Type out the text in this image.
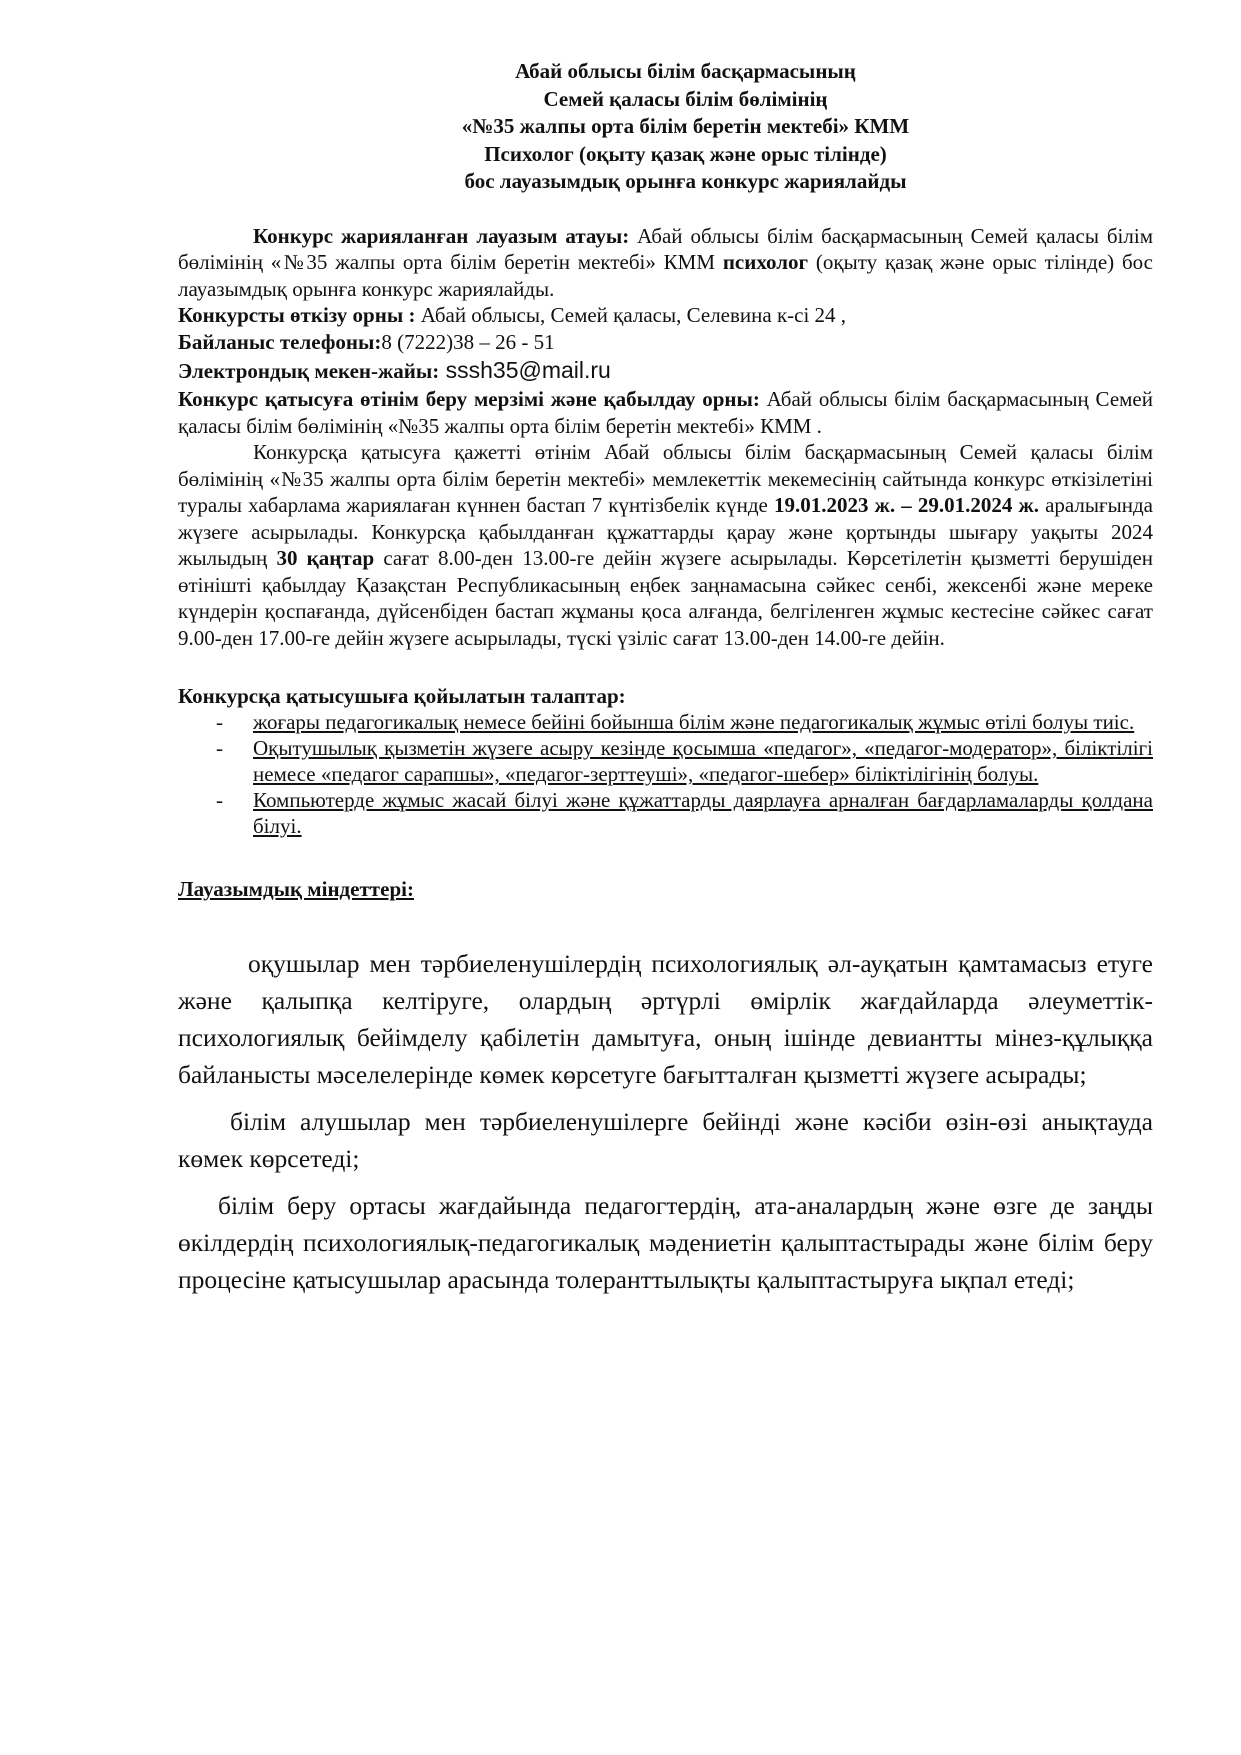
Абай облысы білім басқармасының
Семей қаласы білім бөлімінің
«№35 жалпы орта білім беретін мектебі» КММ
Психолог (оқыту қазақ және орыс тілінде)
бос лауазымдық орынға конкурс жариялайды

Конкурс жарияланған лауазым атауы: Абай облысы білім басқармасының Семей қаласы білім бөлімінің «№35 жалпы орта білім беретін мектебі» КММ психолог (оқыту қазақ және орыс тілінде) бос лауазымдық орынға конкурс жариялайды.

Конкурсты өткізу орны : Абай облысы, Семей қаласы, Селевина к-сі 24 ,

Байланыс телефоны:8 (7222)38 – 26 - 51

Электрондық мекен-жайы: sssh35@mail.ru

Конкурс қатысуға өтінім беру мерзімі және қабылдау орны: Абай облысы білім басқармасының Семей қаласы білім бөлімінің «№35 жалпы орта білім беретін мектебі» КММ .

Конкурсқа қатысуға қажетті өтінім Абай облысы білім басқармасының Семей қаласы білім бөлімінің «№35 жалпы орта білім беретін мектебі» мемлекеттік мекемесінің сайтында конкурс өткізілетіні туралы хабарлама жариялаған күннен бастап 7 күнтізбелік күнде 19.01.2023 ж. – 29.01.2024 ж. аралығында жүзеге асырылады. Конкурсқа қабылданған құжаттарды қарау және қортынды шығару уақыты 2024 жылыдың 30 қаңтар сағат 8.00-ден 13.00-ге дейін жүзеге асырылады. Көрсетілетін қызметті берушіден өтінішті қабылдау Қазақстан Республикасының еңбек заңнамасына сәйкес сенбі, жексенбі және мереке күндерін қоспағанда, дүйсенбіден бастап жұманы қоса алғанда, белгіленген жұмыс кестесіне сәйкес сағат 9.00-ден 17.00-ге дейін жүзеге асырылады, түскі үзіліс сағат 13.00-ден 14.00-ге дейін.

Конкурсқа қатысушыға қойылатын талаптар:
- жоғары педагогикалық немесе бейіні бойынша білім және педагогикалық жұмыс өтілі болуы тиіс.
- Оқытушылық қызметін жүзеге асыру кезінде қосымша «педагог», «педагог-модератор», біліктілігі немесе «педагог сарапшы», «педагог-зерттеуші», «педагог-шебер» біліктілігінің болуы.
- Компьютерде жұмыс жасай білуі және құжаттарды даярлауға арналған бағдарламаларды қолдана білуі.
Лауазымдық міндеттері:

оқушылар мен тәрбиеленушілердің психологиялық әл-ауқатын қамтамасыз етуге және қалыпқа келтіруге, олардың әртүрлі өмірлік жағдайларда әлеуметтік-психологиялық бейімделу қабілетін дамытуға, оның ішінде девиантты мінез-құлыққа байланысты мәселелерінде көмек көрсетуге бағытталған қызметті жүзеге асырады;

білім алушылар мен тәрбиеленушілерге бейінді және кәсіби өзін-өзі анықтауда көмек көрсетеді;

білім беру ортасы жағдайында педагогтердің, ата-аналардың және өзге де заңды өкілдердің психологиялық-педагогикалық мәдениетін қалыптастырады және білім беру процесіне қатысушылар арасында толеранттылықты қалыптастыруға ықпал етеді;
